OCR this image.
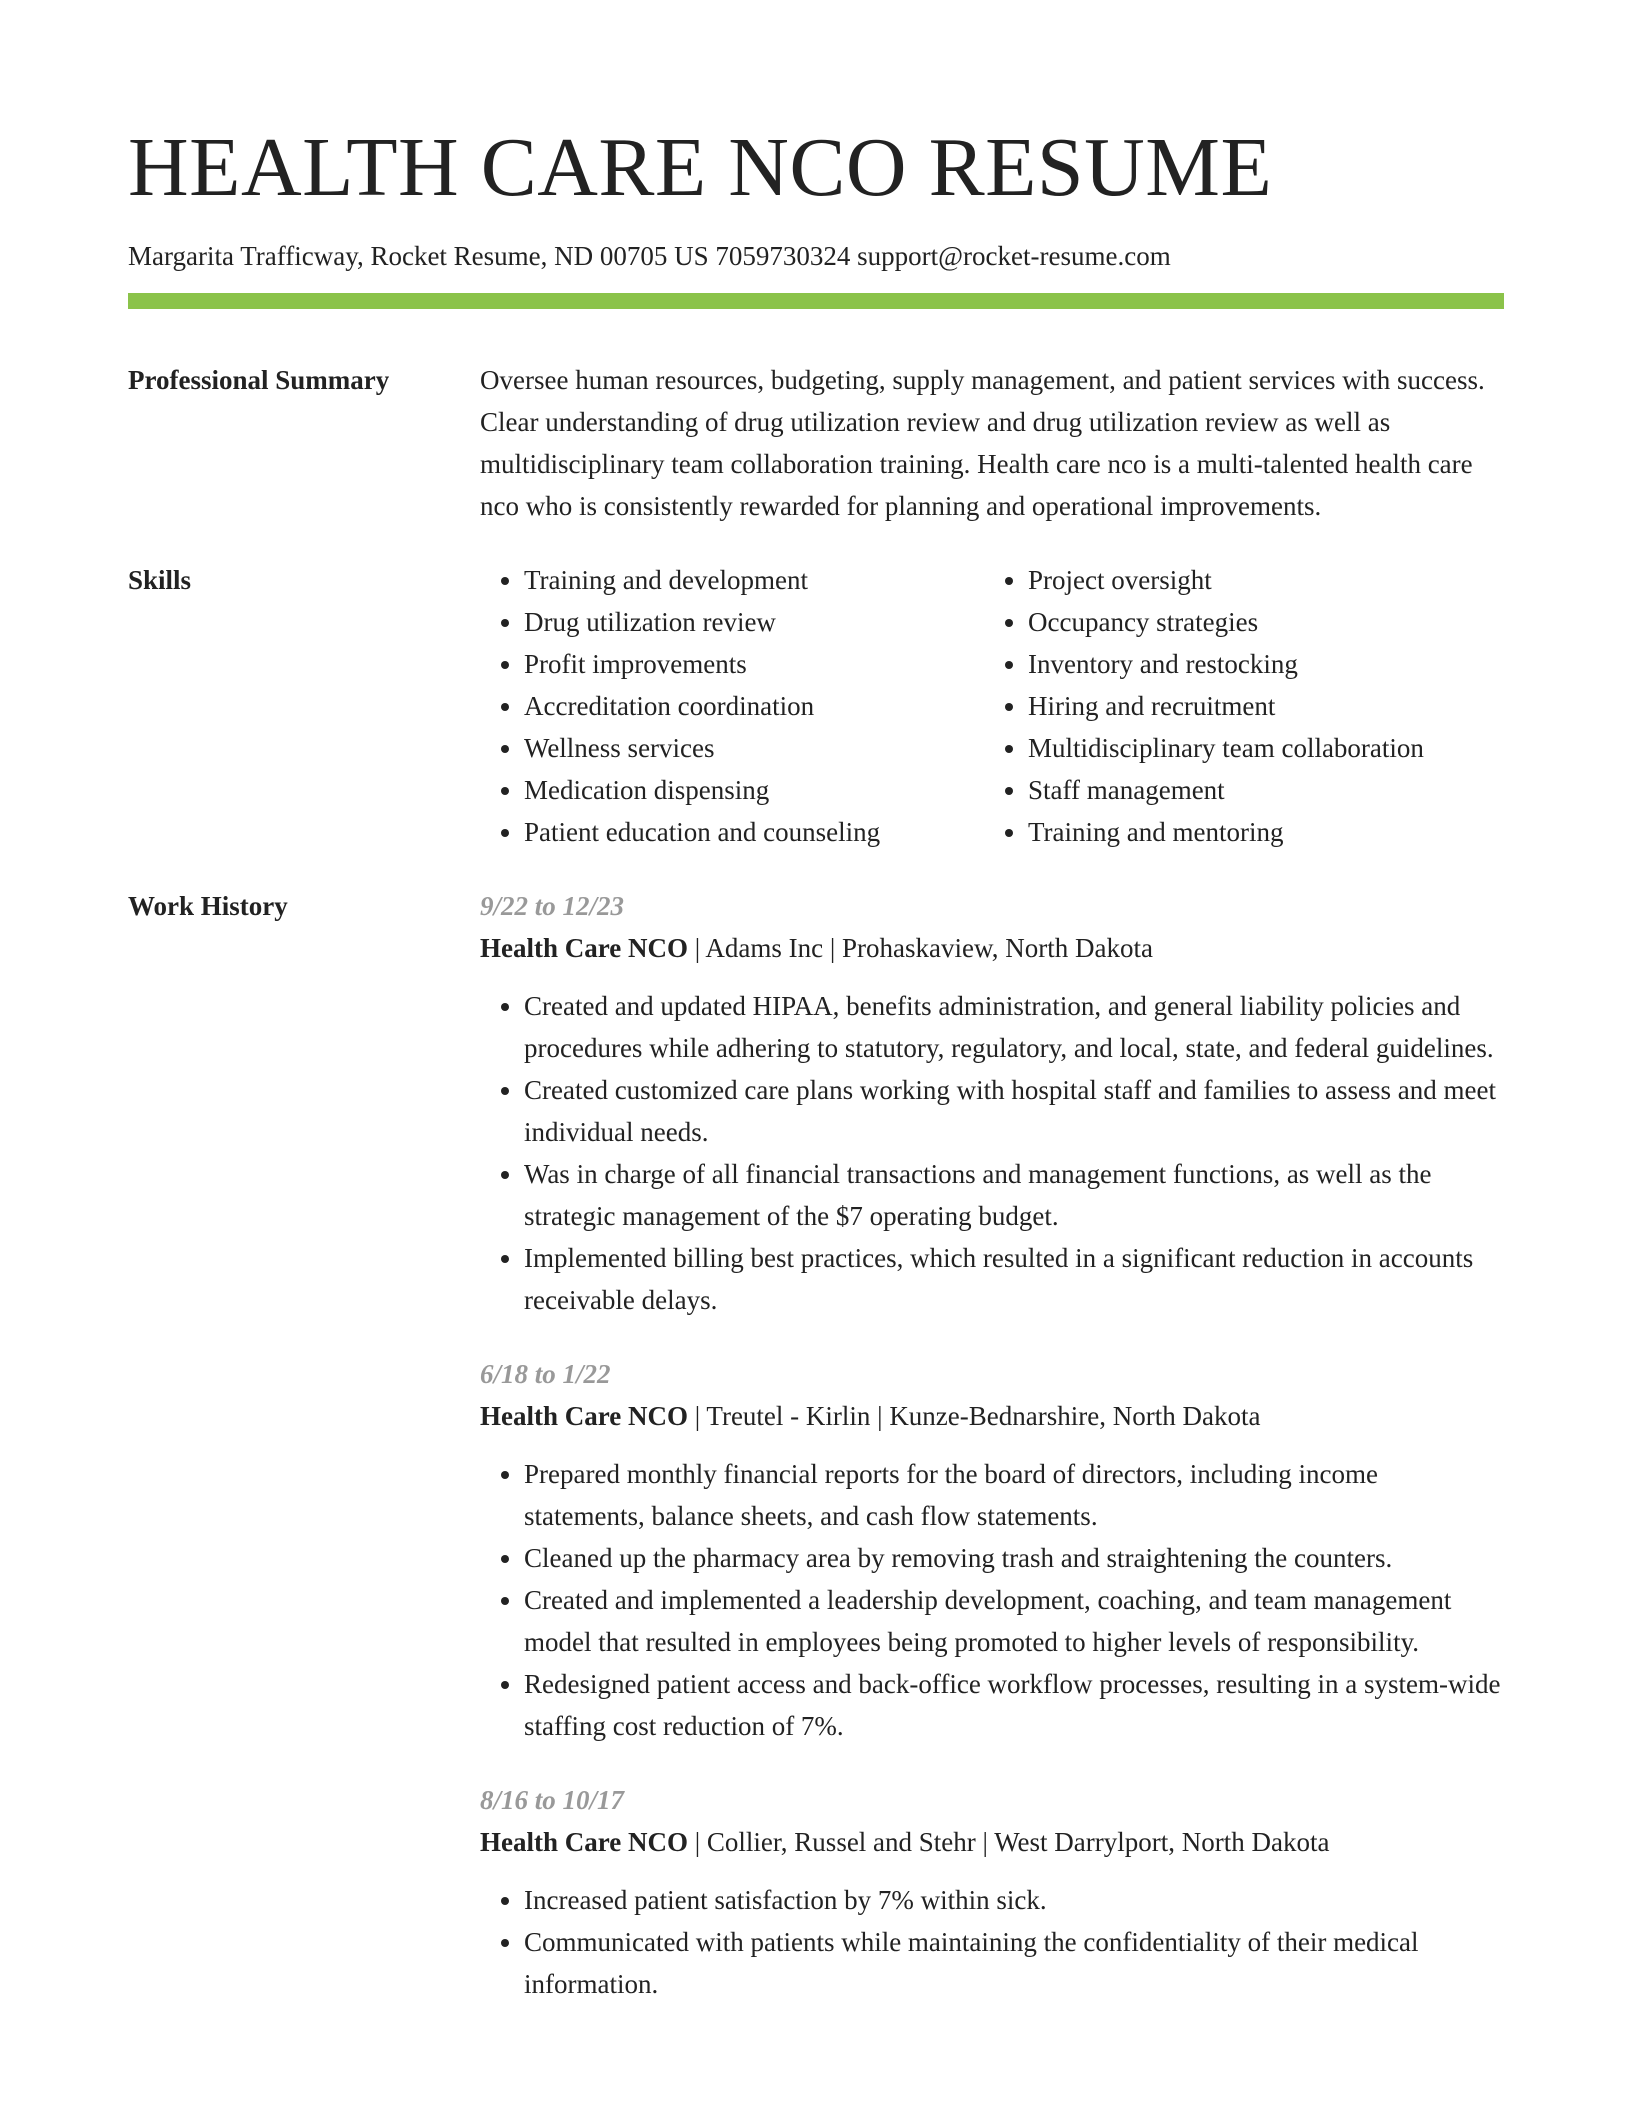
HEALTH CARE NCO RESUME
Margarita Trafficway, Rocket Resume, ND 00705 US 7059730324 support@rocket-resume.com
Professional Summary	Oversee human resources, budgeting, supply management, and patient services with success. Clear understanding of drug utilization review and drug utilization review as well as multidisciplinary team collaboration training. Health care nco is a multi-talented health care nco who is consistently rewarded for planning and operational improvements.

Skills
•	Training and development
• Drug utilization review
• Profit improvements
• Accreditation coordination
• Wellness services
• Medication dispensing
• Patient education and counseling
• Project oversight
• Occupancy strategies
• Inventory and restocking
• Hiring and recruitment
• Multidisciplinary team collaboration
• Staff management
• Training and mentoring
Work History	9/22 to 12/23
Health Care NCO | Adams Inc | Prohaskaview, North Dakota
• Created and updated HIPAA, benefits administration, and general liability policies and procedures while adhering to statutory, regulatory, and local, state, and federal guidelines.
• Created customized care plans working with hospital staff and families to assess and meet individual needs.
• Was in charge of all financial transactions and management functions, as well as the strategic management of the $7 operating budget.
• Implemented billing best practices, which resulted in a significant reduction in accounts receivable delays.
6/18 to 1/22
Health Care NCO | Treutel - Kirlin | Kunze-Bednarshire, North Dakota
• Prepared monthly financial reports for the board of directors, including income statements, balance sheets, and cash flow statements.
• Cleaned up the pharmacy area by removing trash and straightening the counters.
• Created and implemented a leadership development, coaching, and team management model that resulted in employees being promoted to higher levels of responsibility.
• Redesigned patient access and back-office workflow processes, resulting in a system-wide staffing cost reduction of 7%.
8/16 to 10/17
Health Care NCO | Collier, Russel and Stehr | West Darrylport, North Dakota
• Increased patient satisfaction by 7% within sick.
• Communicated with patients while maintaining the confidentiality of their medical information.
